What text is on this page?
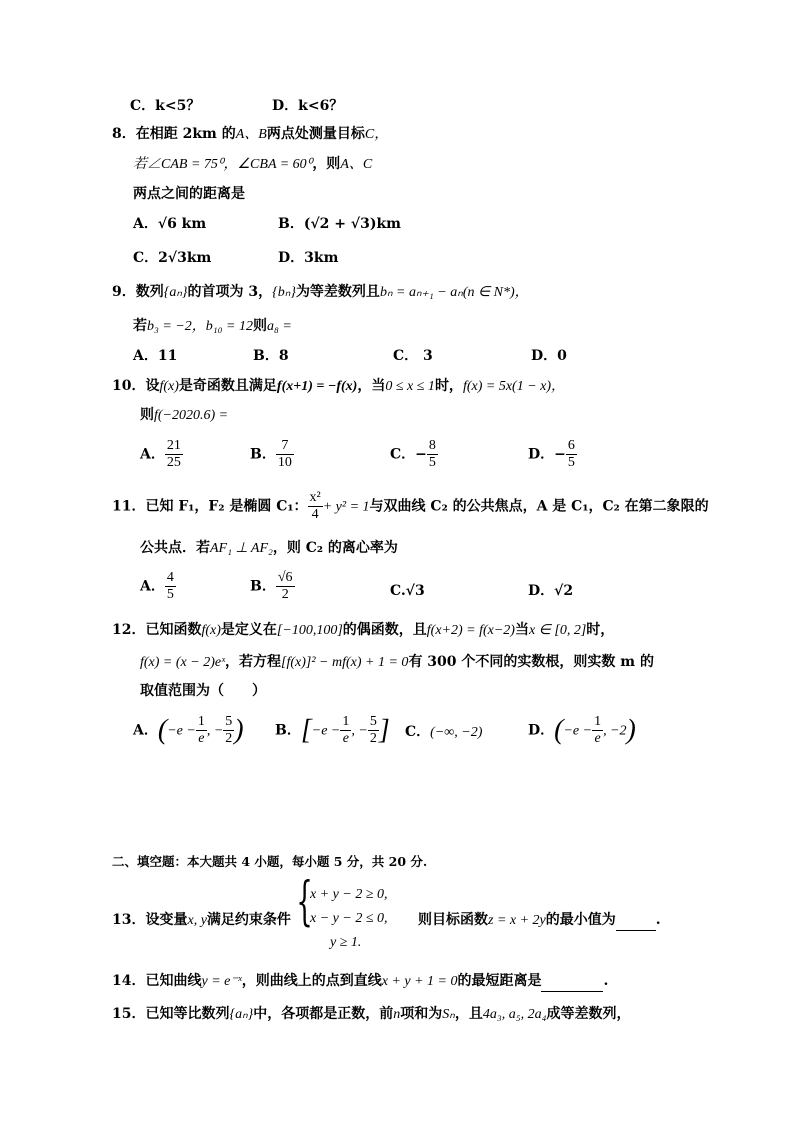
C．k<5？	D．k<6？
8．在相距 2km 的A、B两点处测量目标C，
若∠CAB = 75⁰，∠CBA = 60⁰，则A、C
两点之间的距离是
A．√6 km	B．(√2 + √3)km
C．2√3km	D．3km
9．数列{aₙ}的首项为 3，{bₙ}为等差数列且bₙ = aₙ₊₁ − aₙ(n ∈ N*)，
若b₃ = −2，b₁₀ = 12则a₈ =
A．11	B．8	C． 3	D．0
10．设f(x)是奇函数且满足f(x+1) = −f(x)，当0 ≤ x ≤ 1时，f(x) = 5x(1 − x)，
则f(−2020.6) =
A． $\frac{21}{25}$	B． $\frac{7}{10}$	C．− $\frac{8}{5}$	D．− $\frac{6}{5}$
11．已知 F₁，F₂ 是椭圆 C₁： $\frac{\text{x²}}{4} + y^2 = 1$与双曲线 C₂ 的公共焦点，A 是 C₁，C₂ 在第二象限的
公共点．若AF₁ ⊥ AF₂，则 C₂ 的离心率为
A． $\frac{4}{5}$	B． $\frac{√6}{2}$	C.√3	D．√2
12．已知函数f(x)是定义在[−100,100]的偶函数，且f(x+2) = f(x−2)当x ∈ [0, 2]时，
f(x) = (x − 2)eˣ，若方程[f(x)]² − mf(x) + 1 = 0有 300 个不同的实数根，则实数 m 的
取值范围为（　　）
A．($-e - \frac{1}{e}$ , − $\frac{5}{2}$ ) B．[$-e - \frac{1}{e}$ , − $\frac{5}{2}$ ] C．(−∞, −2)	D．($-e - \frac{1}{e}$ , −2)
二、填空题：本大题共 4 小题，每小题 5 分，共 20 分.
{
x + y − 2 ≥ 0,
x − y − 2 ≤ 0,
y ≥ 1.
13．设变量x, y满足约束条件	则目标函数z = x + 2y的最小值为	.
14．已知曲线y = e⁻ˣ，则曲线上的点到直线x + y + 1 = 0的最短距离是	.
15．已知等比数列{aₙ}中，各项都是正数，前n项和为Sₙ，且4a₃, a₅, 2a₄成等差数列，
